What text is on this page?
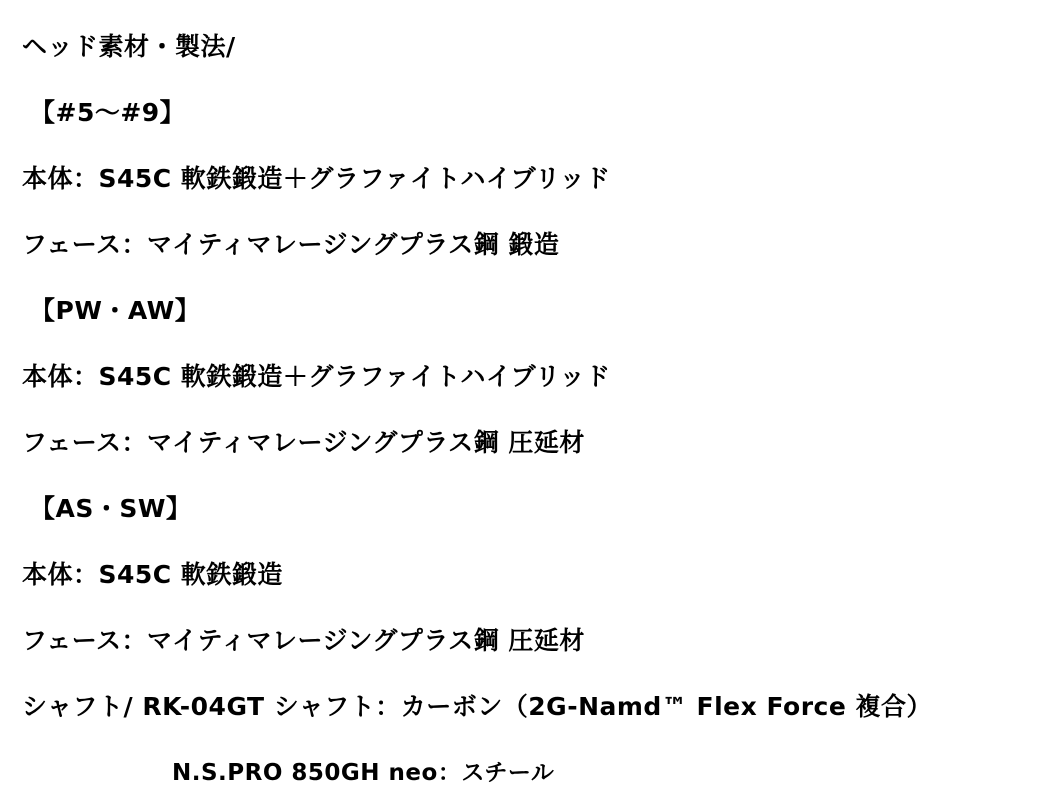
ヘッド素材・製法/
【#5〜#9】
本体：S45C 軟鉄鍛造＋グラファイトハイブリッド
フェース：マイティマレージングプラス鋼 鍛造
【PW・AW】
本体：S45C 軟鉄鍛造＋グラファイトハイブリッド
フェース：マイティマレージングプラス鋼 圧延材
【AS・SW】
本体：S45C 軟鉄鍛造
フェース：マイティマレージングプラス鋼 圧延材
シャフト/ RK-04GT シャフト：カーボン（2G-Namd™ Flex Force 複合）
N.S.PRO 850GH neo：スチール
